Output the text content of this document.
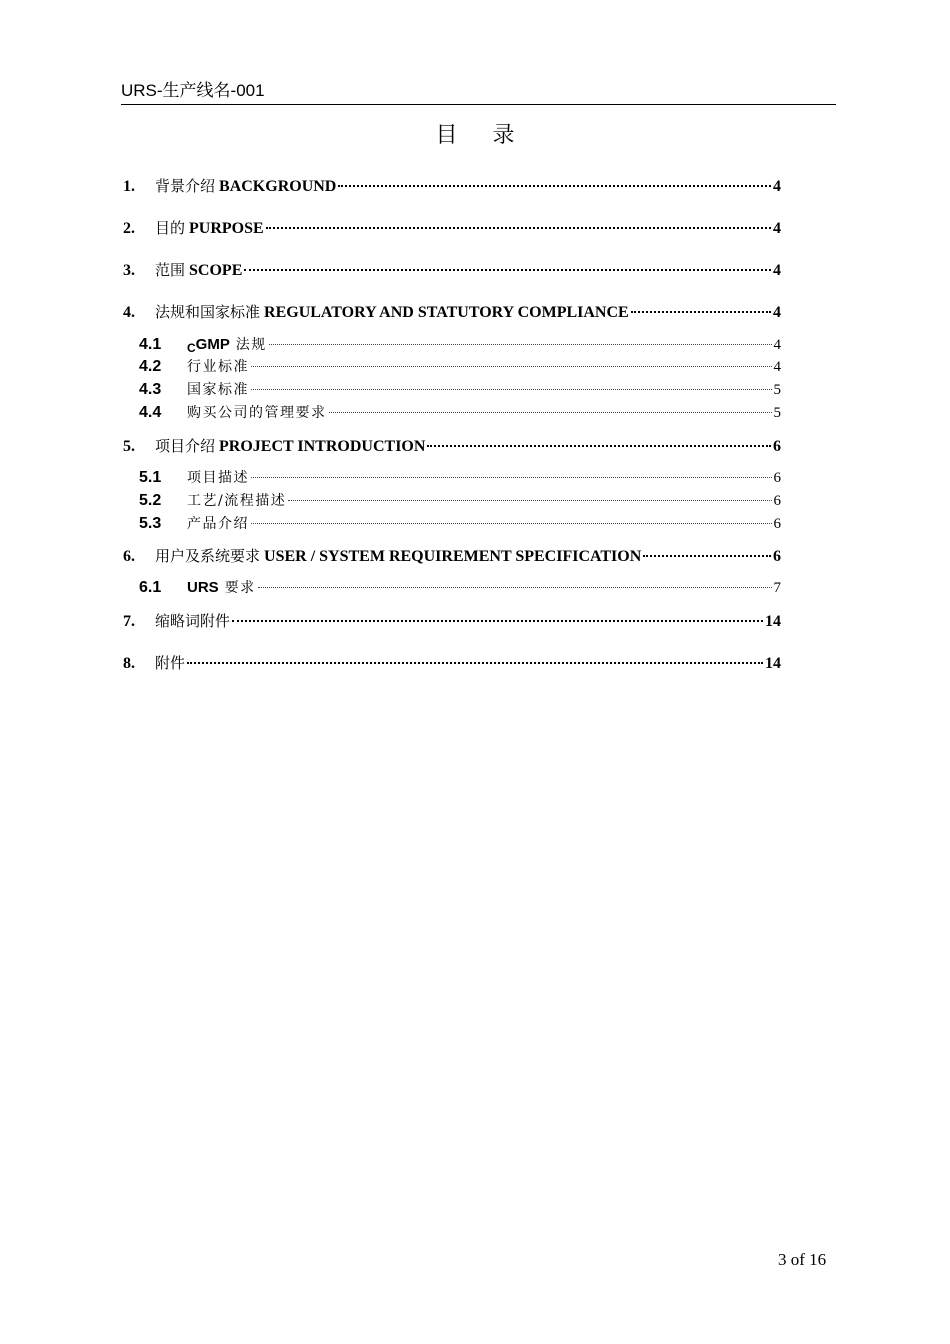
URS-生产线名-001
目 录
1.	背景介绍 BACKGROUND	4
2.	目的 PURPOSE	4
3.	范围 SCOPE	4
4.	法规和国家标准 REGULATORY AND STATUTORY COMPLIANCE	4
4.1	CGMP 法规	4
4.2	行业标准	4
4.3	国家标准	5
4.4	购买公司的管理要求	5
5.	项目介绍 PROJECT INTRODUCTION	6
5.1	项目描述	6
5.2	工艺/流程描述	6
5.3	产品介绍	6
6.	用户及系统要求 USER / SYSTEM REQUIREMENT SPECIFICATION	6
6.1	URS 要求	7
7.	缩略词附件	14
8.	附件	14
3 of 16
